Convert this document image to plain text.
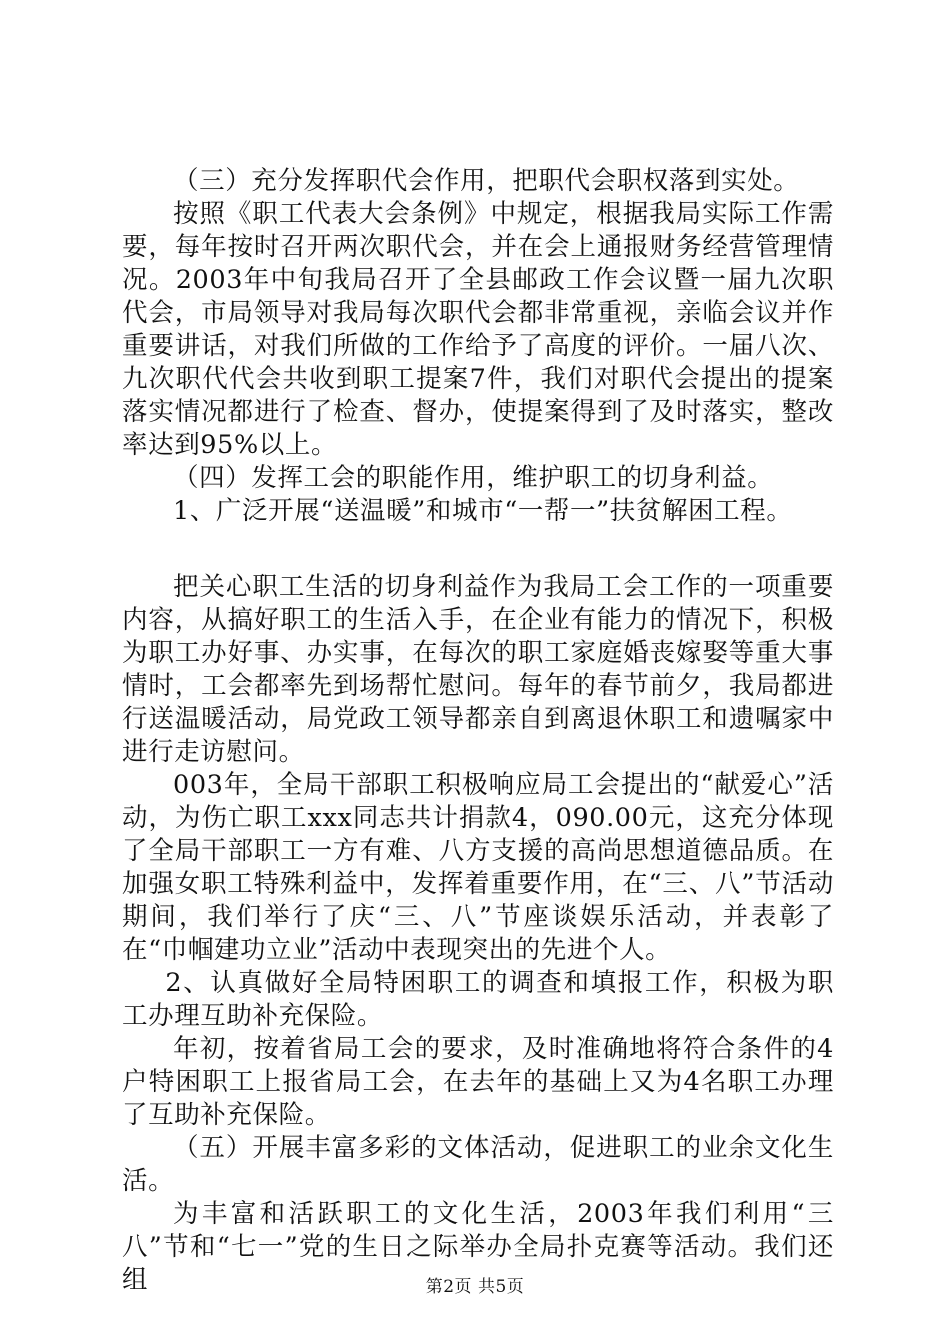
（三）充分发挥职代会作用，把职代会职权落到实处。

按照《职工代表大会条例》中规定，根据我局实际工作需要，每年按时召开两次职代会，并在会上通报财务经营管理情况。2003年中旬我局召开了全县邮政工作会议暨一届九次职代会，市局领导对我局每次职代会都非常重视，亲临会议并作重要讲话，对我们所做的工作给予了高度的评价。一届八次、九次职代代会共收到职工提案7件，我们对职代会提出的提案落实情况都进行了检查、督办，使提案得到了及时落实，整改率达到95%以上。

（四）发挥工会的职能作用，维护职工的切身利益。

1、广泛开展“送温暖”和城市“一帮一”扶贫解困工程。

把关心职工生活的切身利益作为我局工会工作的一项重要内容，从搞好职工的生活入手，在企业有能力的情况下，积极为职工办好事、办实事，在每次的职工家庭婚丧嫁娶等重大事情时，工会都率先到场帮忙慰问。每年的春节前夕，我局都进行送温暖活动，局党政工领导都亲自到离退休职工和遗嘱家中进行走访慰问。

003年，全局干部职工积极响应局工会提出的“献爱心”活动，为伤亡职工xxx同志共计捐款4，090.00元，这充分体现了全局干部职工一方有难、八方支援的高尚思想道德品质。在加强女职工特殊利益中，发挥着重要作用，在“三、八”节活动期间，我们举行了庆“三、八”节座谈娱乐活动，并表彰了在“巾帼建功立业”活动中表现突出的先进个人。

2、认真做好全局特困职工的调查和填报工作，积极为职工办理互助补充保险。

年初，按着省局工会的要求，及时准确地将符合条件的4户特困职工上报省局工会，在去年的基础上又为4名职工办理了互助补充保险。

（五）开展丰富多彩的文体活动，促进职工的业余文化生活。

为丰富和活跃职工的文化生活，2003年我们利用“三八”节和“七一”党的生日之际举办全局扑克赛等活动。我们还组	第2页 共5页
